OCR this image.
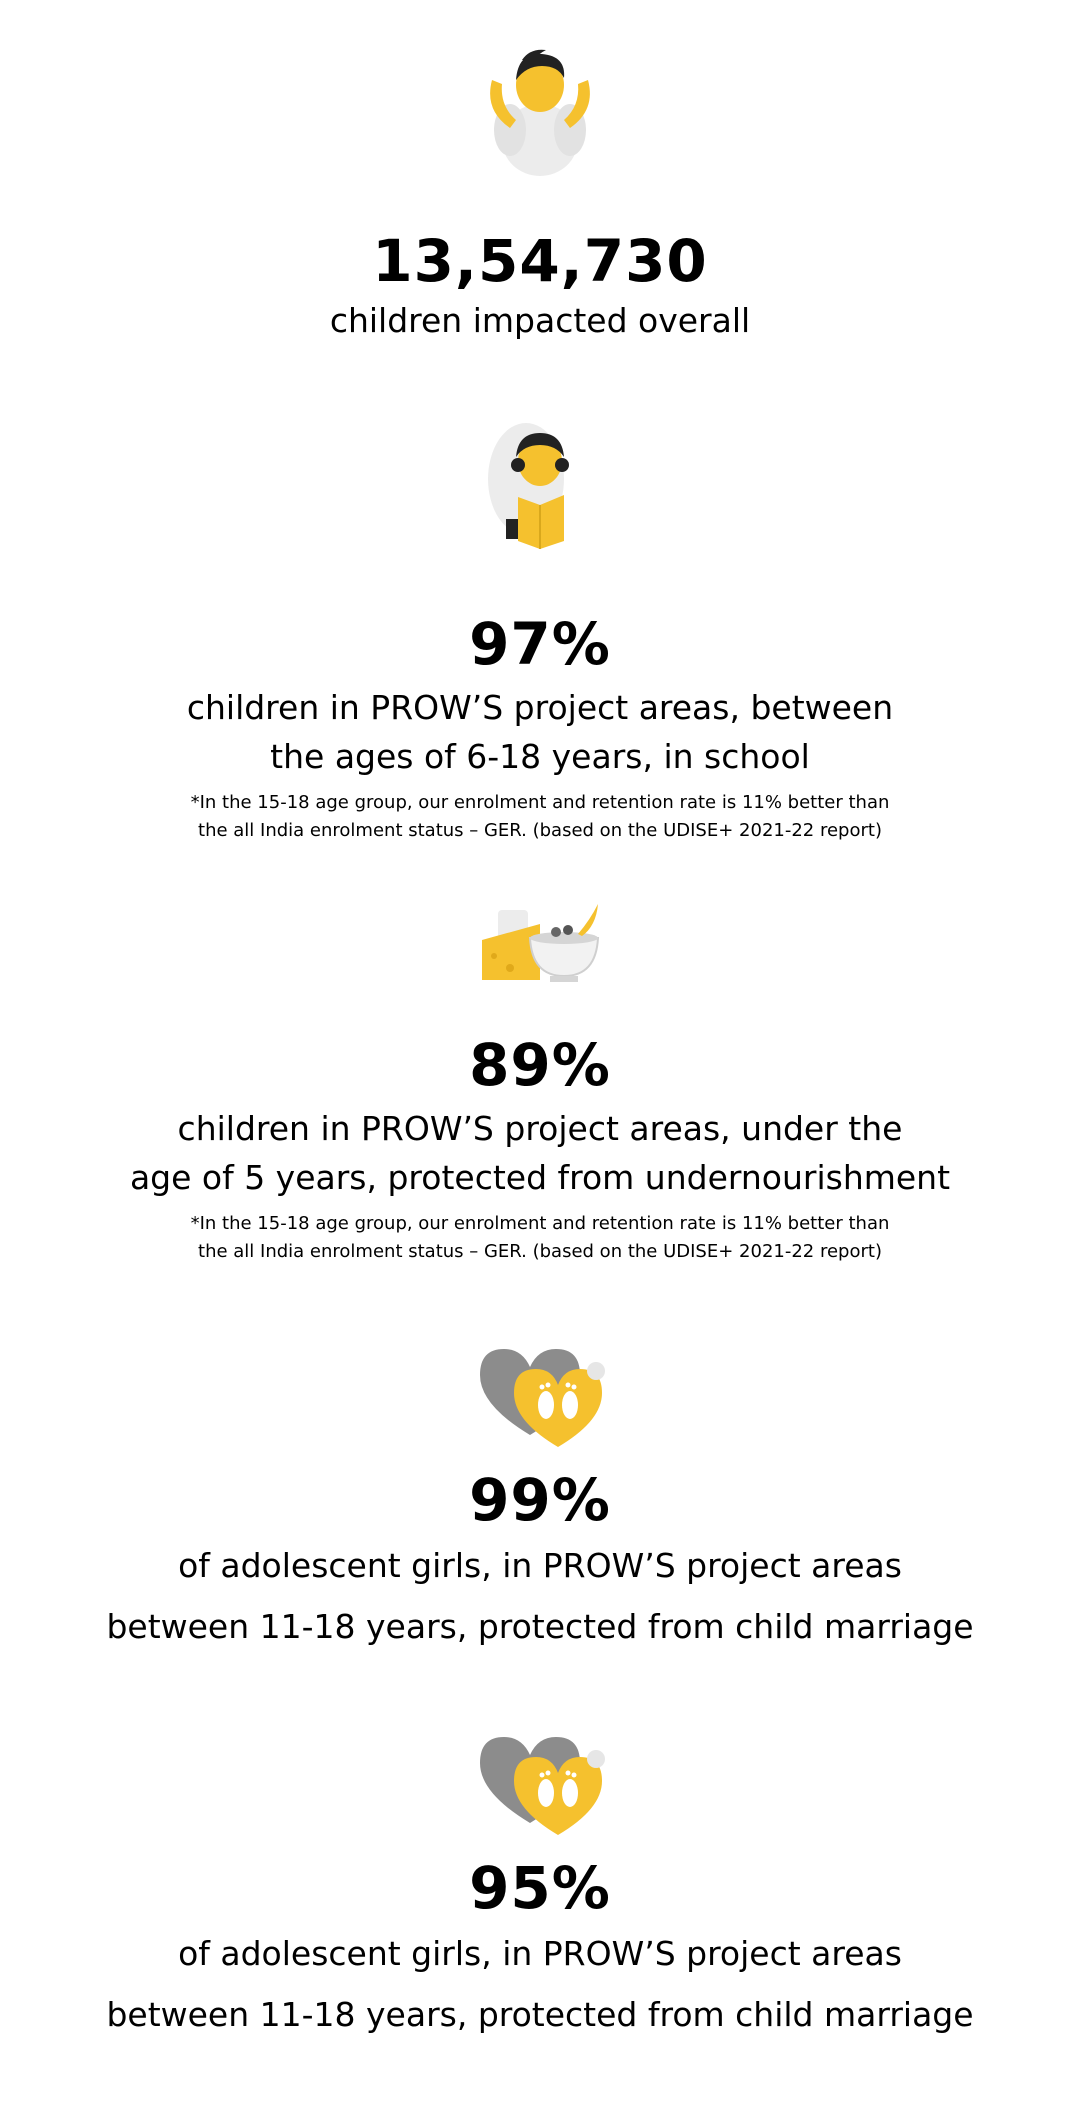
13,54,730
children impacted overall
97%
children in PROW’S project areas, between
the ages of 6-18 years, in school
*In the 15-18 age group, our enrolment and retention rate is 11% better than
the all India enrolment status – GER. (based on the UDISE+ 2021-22 report)
89%
children in PROW’S project areas, under the
age of 5 years, protected from undernourishment
*In the 15-18 age group, our enrolment and retention rate is 11% better than
the all India enrolment status – GER. (based on the UDISE+ 2021-22 report)
99%
of adolescent girls, in PROW’S project areas
between 11-18 years, protected from child marriage
95%
of adolescent girls, in PROW’S project areas
between 11-18 years, protected from child marriage
